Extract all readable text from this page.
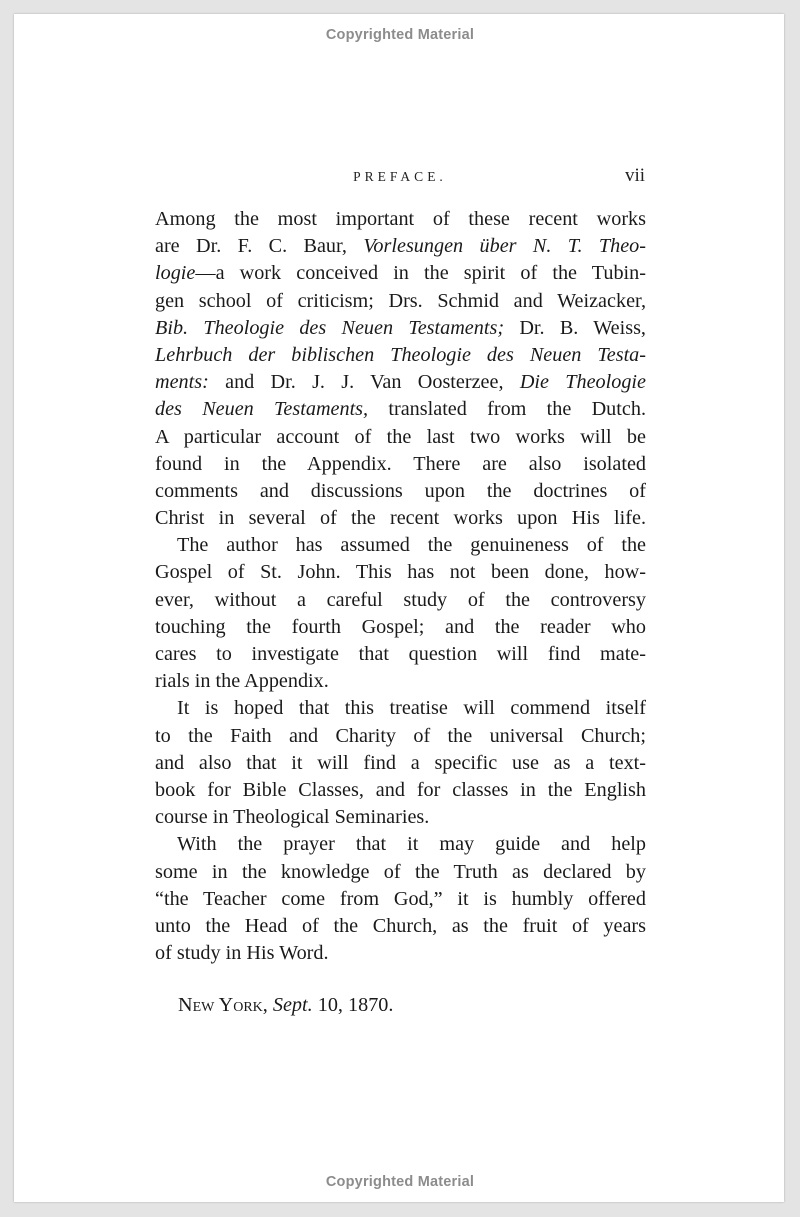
Copyrighted Material
PREFACE.	vii
Among the most important of these recent works
are Dr. F. C. Baur, Vorlesungen über N. T. Theo-
logie—a work conceived in the spirit of the Tubin-
gen school of criticism; Drs. Schmid and Weizacker,
Bib. Theologie des Neuen Testaments; Dr. B. Weiss,
Lehrbuch der biblischen Theologie des Neuen Testa-
ments: and Dr. J. J. Van Oosterzee, Die Theologie
des Neuen Testaments, translated from the Dutch.
A particular account of the last two works will be
found in the Appendix. There are also isolated
comments and discussions upon the doctrines of
Christ in several of the recent works upon His life.
The author has assumed the genuineness of the
Gospel of St. John. This has not been done, how-
ever, without a careful study of the controversy
touching the fourth Gospel; and the reader who
cares to investigate that question will find mate-
rials in the Appendix.
It is hoped that this treatise will commend itself
to the Faith and Charity of the universal Church;
and also that it will find a specific use as a text-
book for Bible Classes, and for classes in the English
course in Theological Seminaries.
With the prayer that it may guide and help
some in the knowledge of the Truth as declared by
“the Teacher come from God,” it is humbly offered
unto the Head of the Church, as the fruit of years
of study in His Word.
New York, Sept. 10, 1870.
Copyrighted Material
